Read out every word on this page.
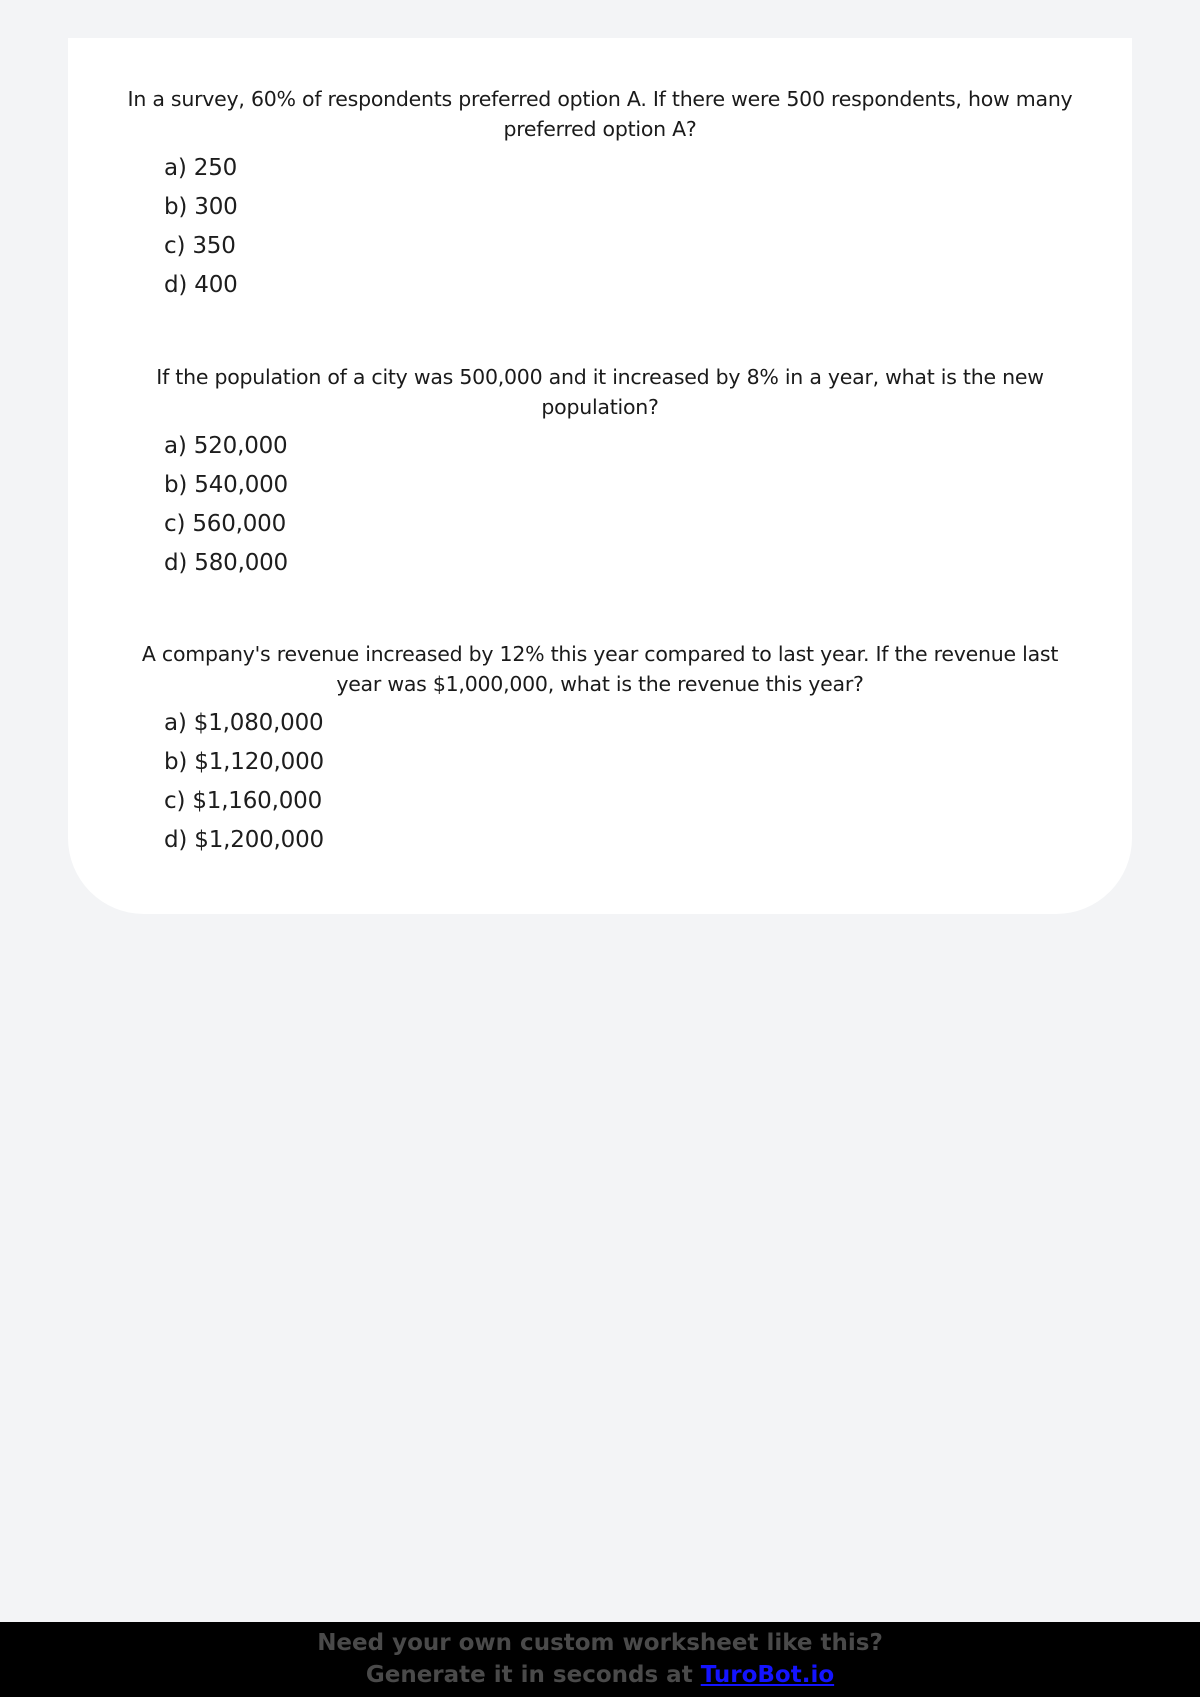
In a survey, 60% of respondents preferred option A. If there were 500 respondents, how many preferred option A?
a) 250
b) 300
c) 350
d) 400
If the population of a city was 500,000 and it increased by 8% in a year, what is the new population?
a) 520,000
b) 540,000
c) 560,000
d) 580,000
A company's revenue increased by 12% this year compared to last year. If the revenue last year was $1,000,000, what is the revenue this year?
a) $1,080,000
b) $1,120,000
c) $1,160,000
d) $1,200,000
Need your own custom worksheet like this?
Generate it in seconds at TuroBot.io
